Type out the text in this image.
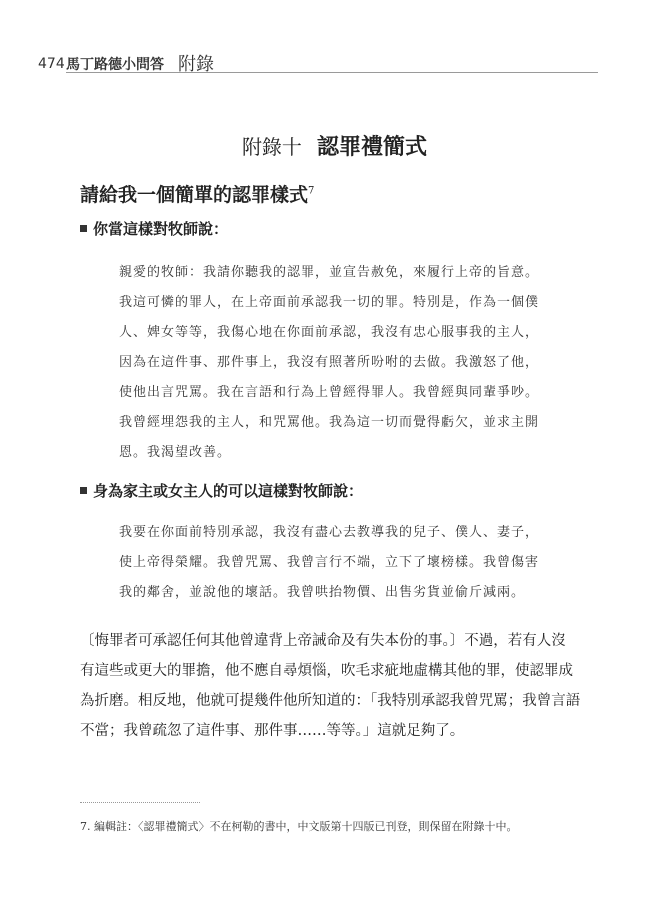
474 馬丁路德小問答 附錄
附錄十 認罪禮簡式
請給我一個簡單的認罪樣式$^7$
你當這樣對牧師說：
親愛的牧師：我請你聽我的認罪，並宣告赦免，來履行上帝的旨意。
我這可憐的罪人，在上帝面前承認我一切的罪。特別是，作為一個僕
人、婢女等等，我傷心地在你面前承認，我沒有忠心服事我的主人，
因為在這件事、那件事上，我沒有照著所吩咐的去做。我激怒了他，
使他出言咒罵。我在言語和行為上曾經得罪人。我曾經與同輩爭吵。
我曾經埋怨我的主人，和咒罵他。我為這一切而覺得虧欠，並求主開
恩。我渴望改善。
身為家主或女主人的可以這樣對牧師說：
我要在你面前特別承認，我沒有盡心去教導我的兒子、僕人、妻子，
使上帝得榮耀。我曾咒罵、我曾言行不端，立下了壞榜樣。我曾傷害
我的鄰舍，並說他的壞話。我曾哄抬物價、出售劣貨並偷斤減兩。
〔悔罪者可承認任何其他曾違背上帝誡命及有失本份的事。〕不過，若有人沒
有這些或更大的罪擔，他不應自尋煩惱，吹毛求疵地虛構其他的罪，使認罪成
為折磨。相反地，他就可提幾件他所知道的：「我特別承認我曾咒罵；我曾言語
不當；我曾疏忽了這件事、那件事……等等。」這就足夠了。
7. 編輯註：〈認罪禮簡式〉不在柯勒的書中，中文版第十四版已刊登，則保留在附錄十中。
